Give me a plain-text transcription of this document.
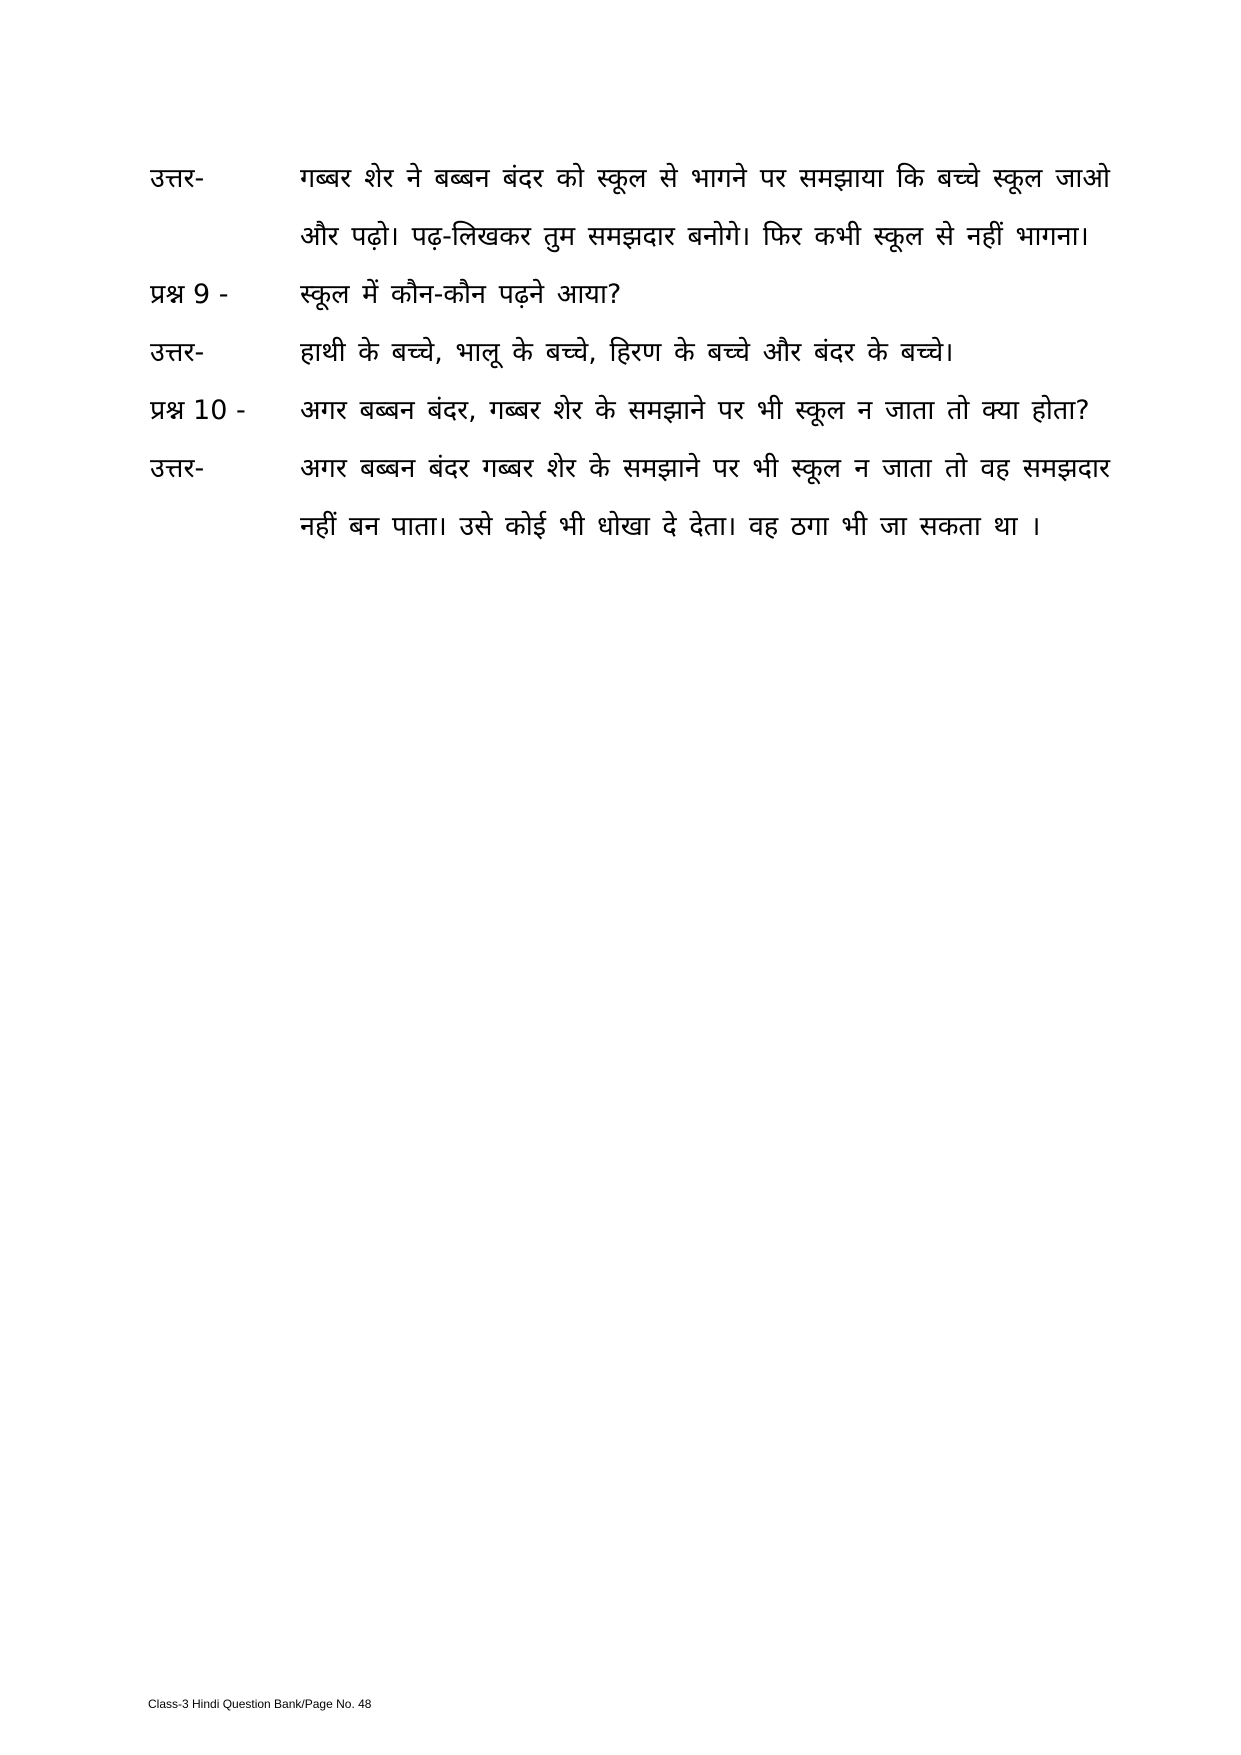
उत्तर-	गब्बर शेर ने बब्बन बंदर को स्कूल से भागने पर समझाया कि बच्चे स्कूल जाओ और पढ़ो। पढ़-लिखकर तुम समझदार बनोगे। फिर कभी स्कूल से नहीं भागना।
प्रश्न 9 -	स्कूल में कौन-कौन पढ़ने आया?
उत्तर-	हाथी के बच्चे, भालू के बच्चे, हिरण के बच्चे और बंदर के बच्चे।
प्रश्न 10 -	अगर बब्बन बंदर, गब्बर शेर के समझाने पर भी स्कूल न जाता तो क्या होता?
उत्तर-	अगर बब्बन बंदर गब्बर शेर के समझाने पर भी स्कूल न जाता तो वह समझदार नहीं बन पाता। उसे कोई भी धोखा दे देता। वह ठगा भी जा सकता था ।
Class-3 Hindi Question Bank/Page No. 48
